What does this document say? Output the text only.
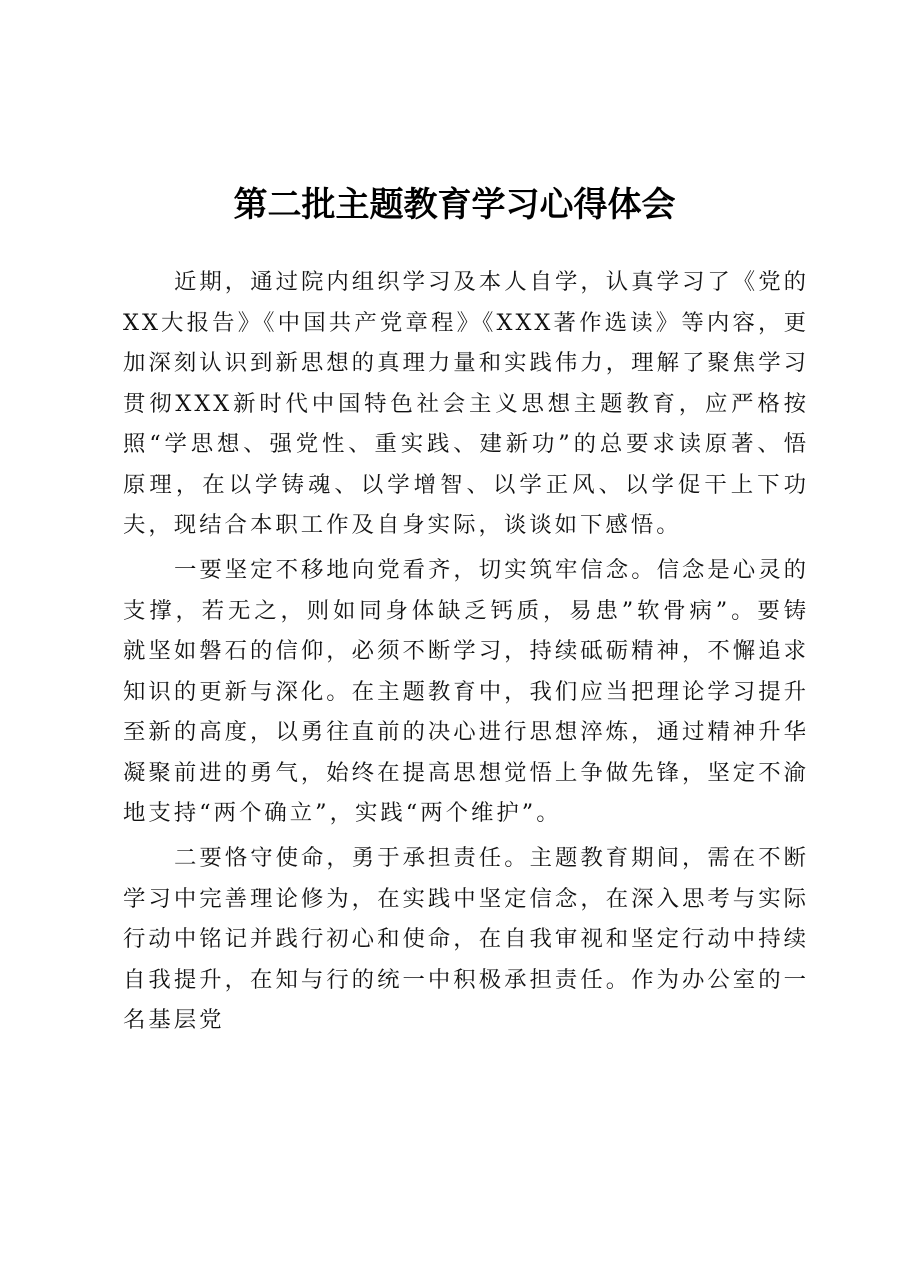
第二批主题教育学习心得体会

近期，通过院内组织学习及本人自学，认真学习了《党的XX大报告》《中国共产党章程》《XXX著作选读》等内容，更加深刻认识到新思想的真理力量和实践伟力，理解了聚焦学习贯彻XXX新时代中国特色社会主义思想主题教育，应严格按照“学思想、强党性、重实践、建新功”的总要求读原著、悟原理，在以学铸魂、以学增智、以学正风、以学促干上下功夫，现结合本职工作及自身实际，谈谈如下感悟。

一要坚定不移地向党看齐，切实筑牢信念。信念是心灵的支撑，若无之，则如同身体缺乏钙质，易患”软骨病”。要铸就坚如磐石的信仰，必须不断学习，持续砥砺精神，不懈追求知识的更新与深化。在主题教育中，我们应当把理论学习提升至新的高度，以勇往直前的决心进行思想淬炼，通过精神升华凝聚前进的勇气，始终在提高思想觉悟上争做先锋，坚定不渝地支持“两个确立”，实践“两个维护”。

二要恪守使命，勇于承担责任。主题教育期间，需在不断学习中完善理论修为，在实践中坚定信念，在深入思考与实际行动中铭记并践行初心和使命，在自我审视和坚定行动中持续自我提升，在知与行的统一中积极承担责任。作为办公室的一名基层党
